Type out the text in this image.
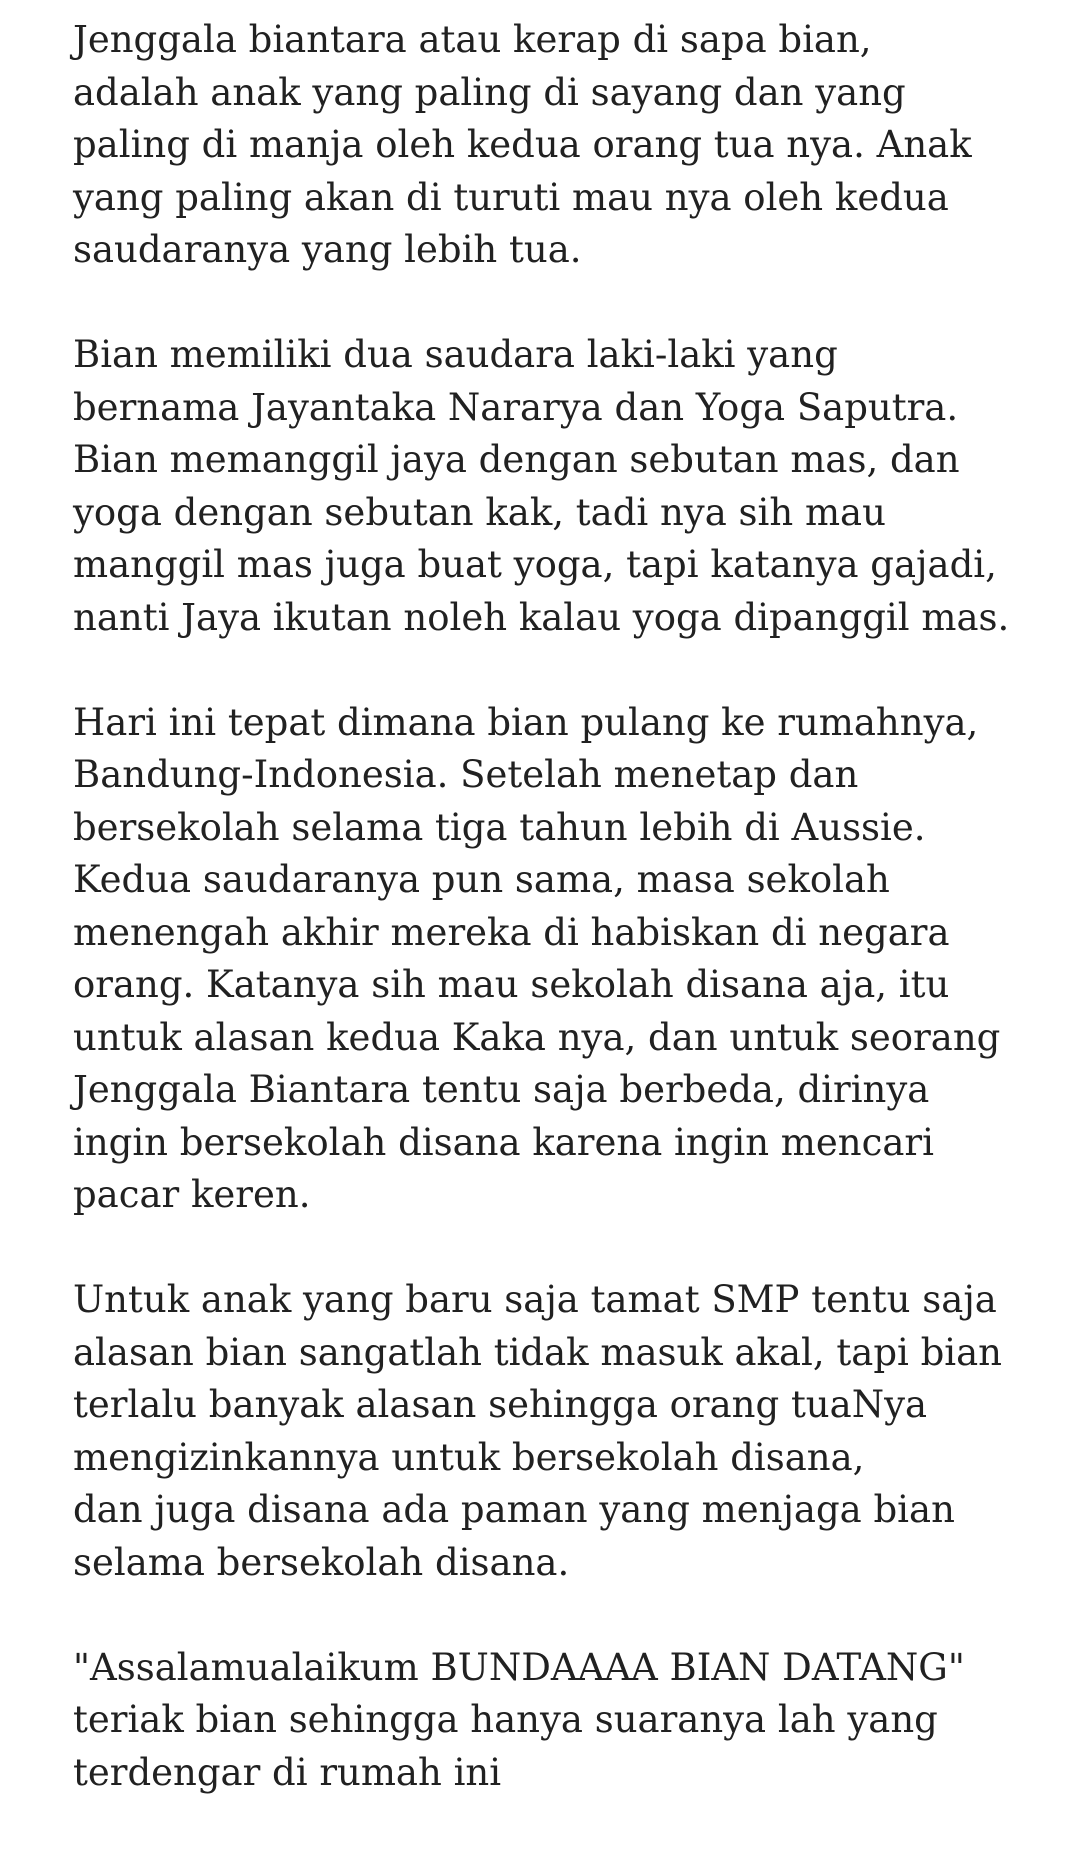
Jenggala biantara atau kerap di sapa bian,
adalah anak yang paling di sayang dan yang
paling di manja oleh kedua orang tua nya. Anak
yang paling akan di turuti mau nya oleh kedua
saudaranya yang lebih tua.

Bian memiliki dua saudara laki-laki yang
bernama Jayantaka Nararya dan Yoga Saputra.
Bian memanggil jaya dengan sebutan mas, dan
yoga dengan sebutan kak, tadi nya sih mau
manggil mas juga buat yoga, tapi katanya gajadi,
nanti Jaya ikutan noleh kalau yoga dipanggil mas.

Hari ini tepat dimana bian pulang ke rumahnya,
Bandung-Indonesia. Setelah menetap dan
bersekolah selama tiga tahun lebih di Aussie.
Kedua saudaranya pun sama, masa sekolah
menengah akhir mereka di habiskan di negara
orang. Katanya sih mau sekolah disana aja, itu
untuk alasan kedua Kaka nya, dan untuk seorang
Jenggala Biantara tentu saja berbeda, dirinya
ingin bersekolah disana karena ingin mencari
pacar keren.

Untuk anak yang baru saja tamat SMP tentu saja
alasan bian sangatlah tidak masuk akal, tapi bian
terlalu banyak alasan sehingga orang tuaNya
mengizinkannya untuk bersekolah disana,
dan juga disana ada paman yang menjaga bian
selama bersekolah disana.

"Assalamualaikum BUNDAAAA BIAN DATANG"
teriak bian sehingga hanya suaranya lah yang
terdengar di rumah ini
